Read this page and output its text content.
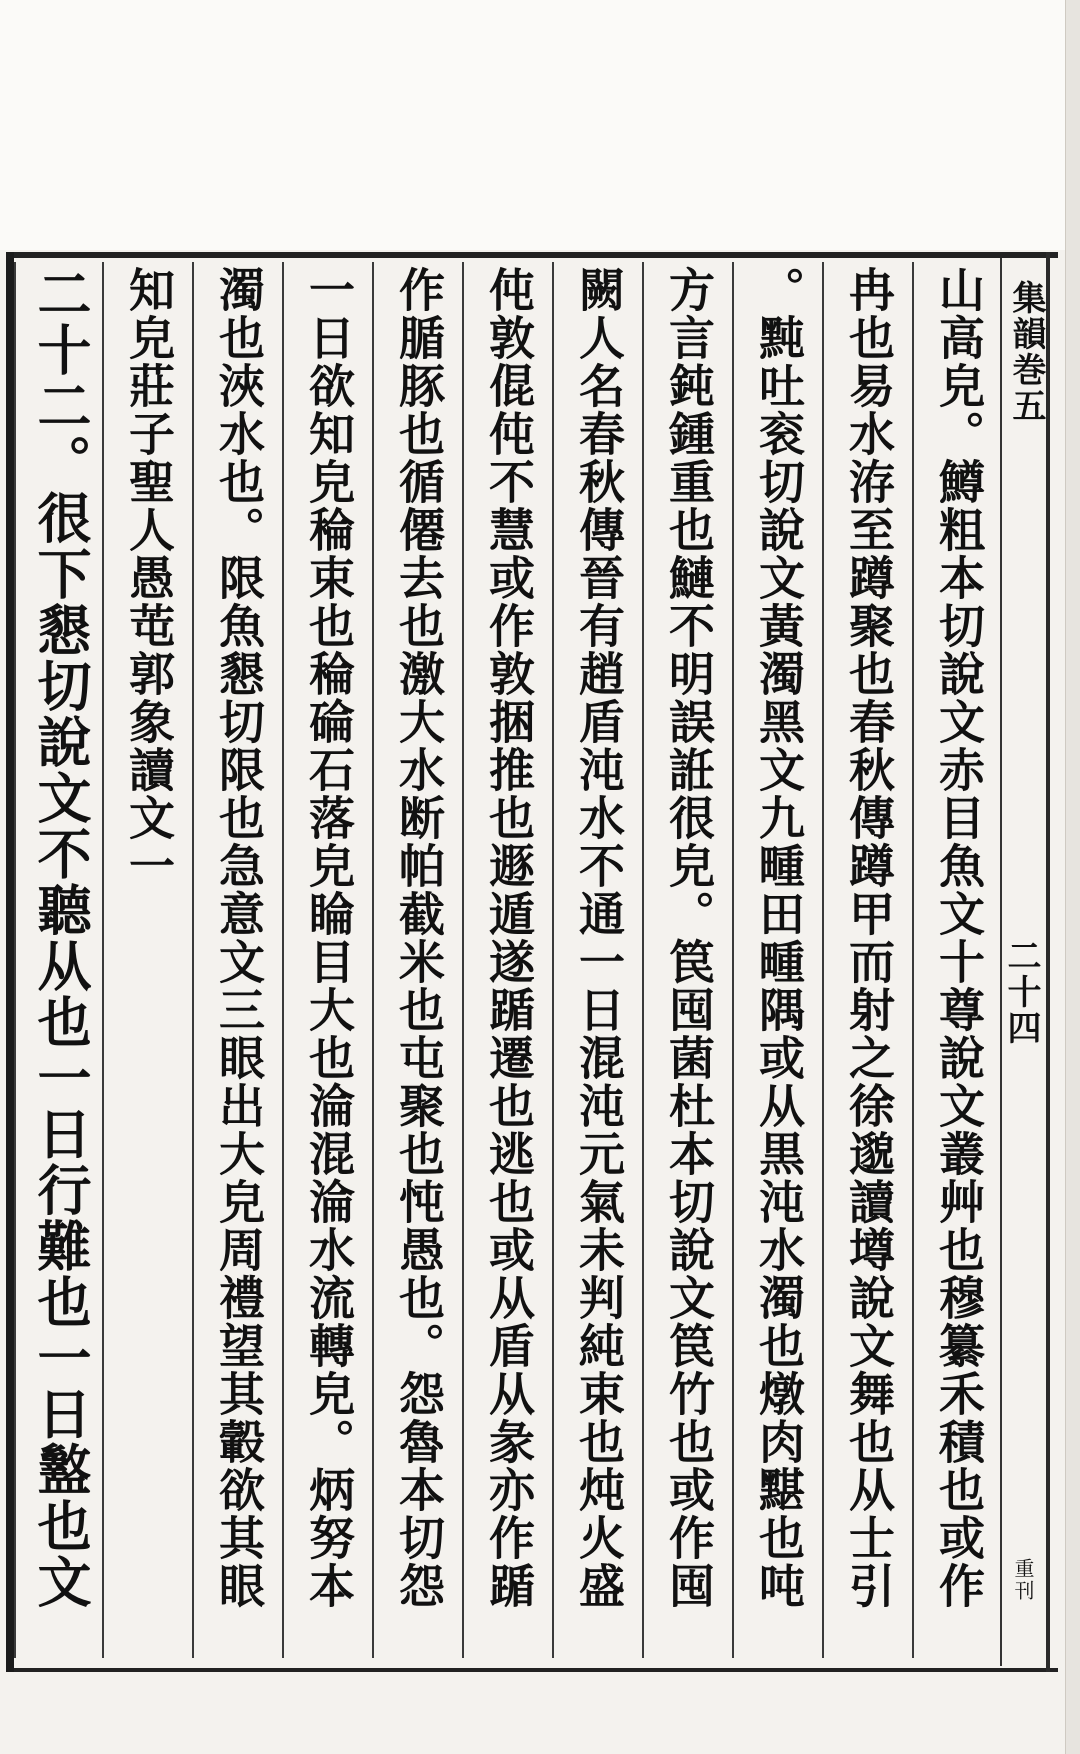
集韻巻五
二十四
重刊
山高皃。鱒粗本切說文赤目魚文十尊說文叢艸也穆纂禾積也或作
冉也易水洊至蹲聚也春秋傳蹲甲而射之徐邈讀墫說文舞也从士引
。黗吐衮切說文黃濁黑文九畽田畽隅或从黒沌水濁也燉肉黮也吨
方言鈍鍾重也鰱不明誤䛘很皃。笢囤菌杜本切說文笢竹也或作囤
闕人名春秋傳晉有趙盾沌水不通一日混沌元氣未判純束也炖火盛
伅敦倱伅不慧或作敦捆推也遯遁遂踲遷也逃也或从盾从彖亦作踲
作腯豚也循僊去也激大水断帕截米也屯聚也忳愚也。怨魯本切怨
一日欲知皃稐束也稐碖石落皃睔目大也淪混淪水流轉皃。炳努本
濁也浹水也。限魚懇切限也急意文三眼出大皃周禮望其轂欲其眼
知皃莊子聖人愚芚郭象讀文一
二十二。很下懇切說文不聽从也一日行難也一日盭也文
